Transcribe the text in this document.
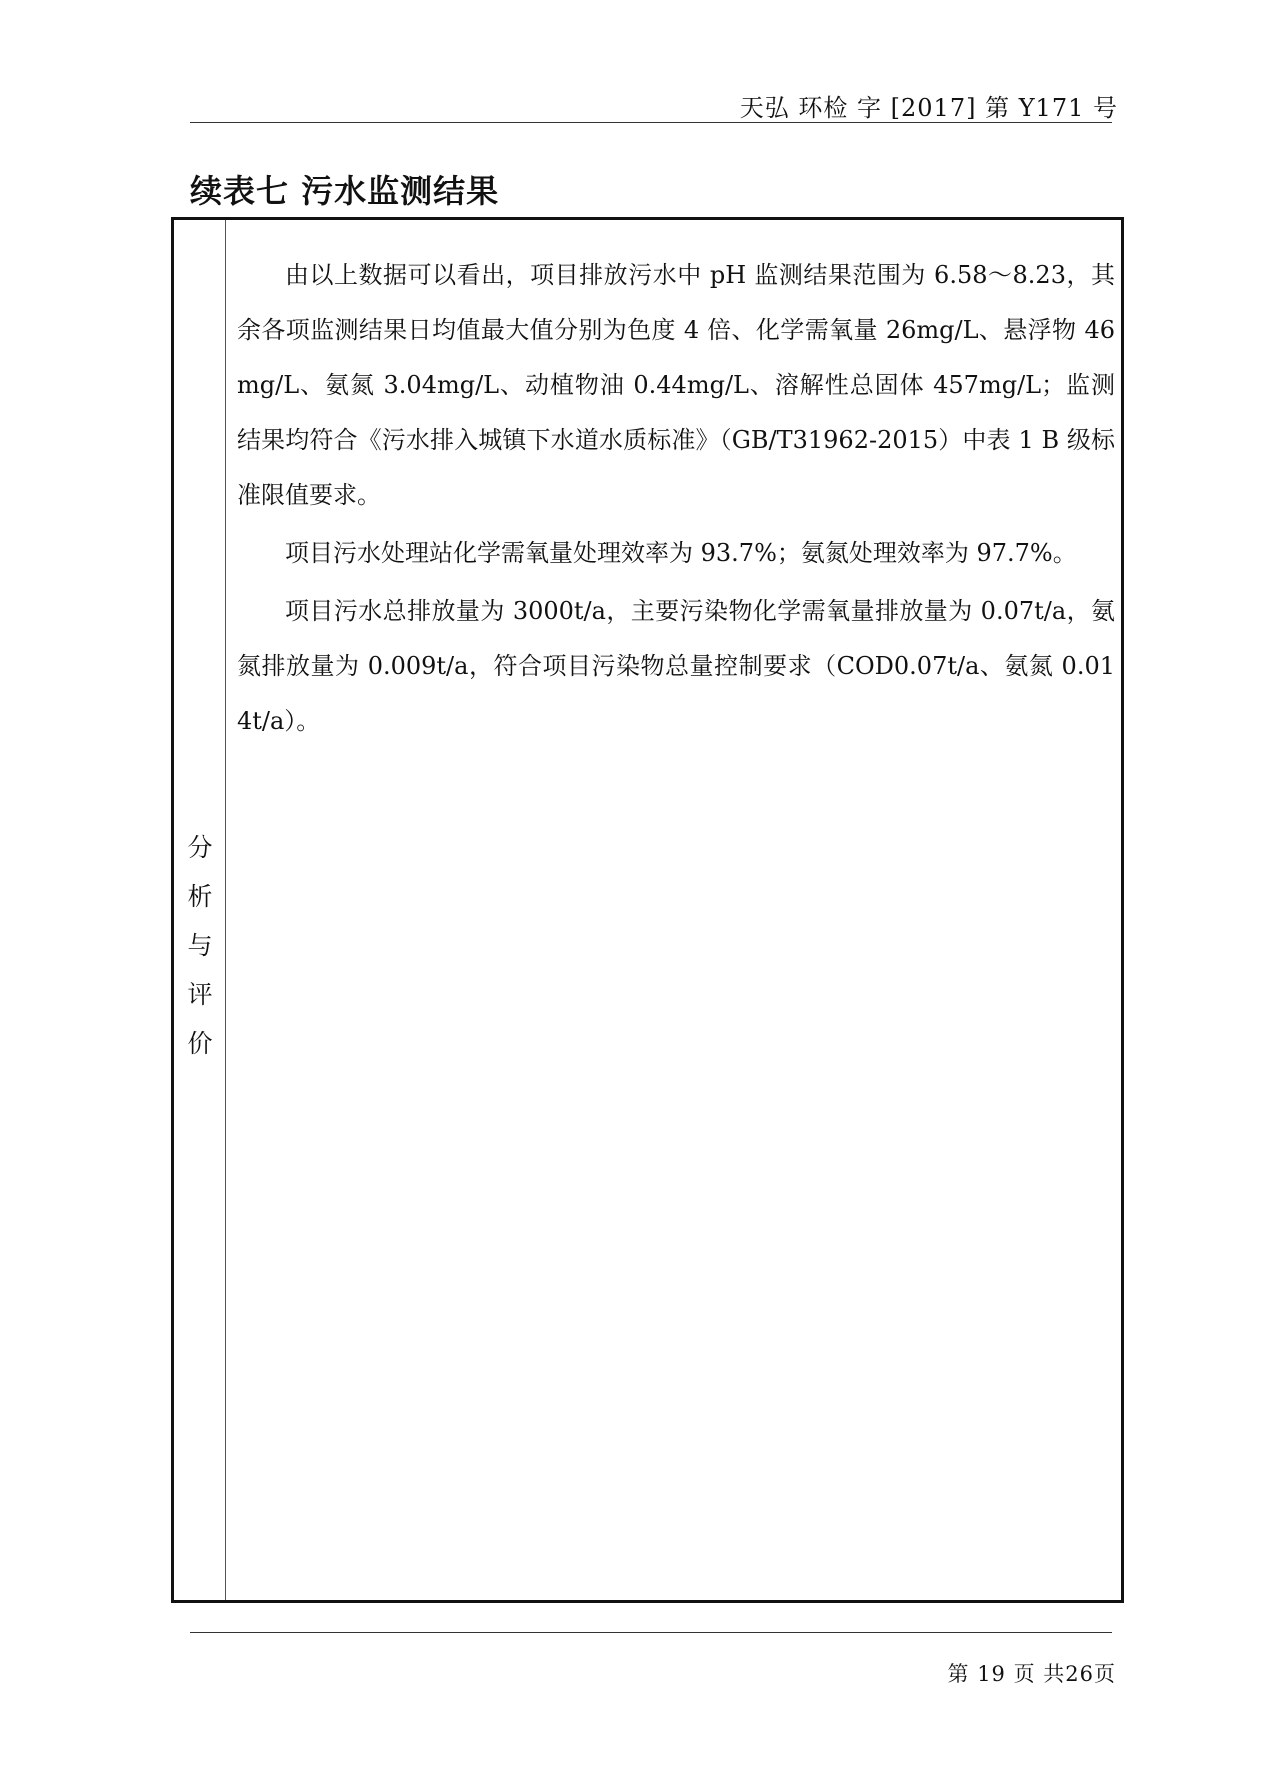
天弘 环检 字 [2017] 第 Y171 号
续表七 污水监测结果
分
析
与
评
价

由以上数据可以看出，项目排放污水中 pH 监测结果范围为 6.58～8.23，其余各项监测结果日均值最大值分别为色度 4 倍、化学需氧量 26mg/L、悬浮物 46mg/L、氨氮 3.04mg/L、动植物油 0.44mg/L、溶解性总固体 457mg/L；监测结果均符合《污水排入城镇下水道水质标准》（GB/T31962-2015）中表 1 B 级标准限值要求。

项目污水处理站化学需氧量处理效率为 93.7%；氨氮处理效率为 97.7%。

项目污水总排放量为 3000t/a，主要污染物化学需氧量排放量为 0.07t/a，氨氮排放量为 0.009t/a，符合项目污染物总量控制要求（COD0.07t/a、氨氮 0.014t/a）。

第 19 页 共26页
